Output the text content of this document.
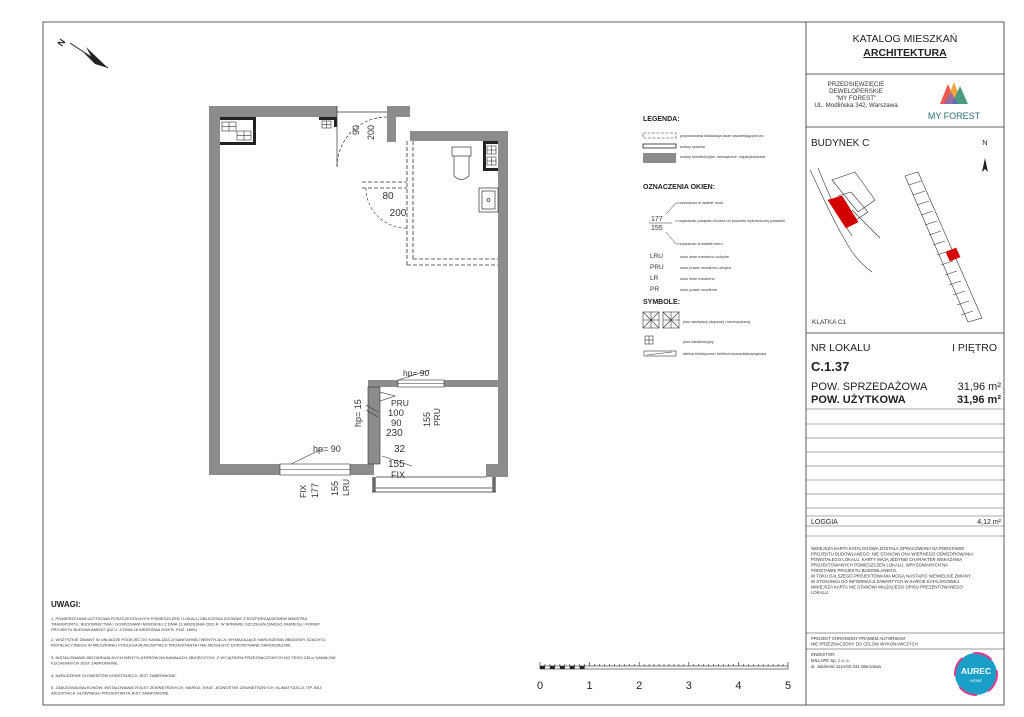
KATALOG MIESZKAŃ
ARCHITEKTURA
PRZEDSIĘWZIĘCIE
DEWELOPERSKIE
"MY FOREST"
UL. Modlińska 342, Warszawa
MY FOREST
BUDYNEK C	N
KLATKA C1
NR LOKALU	I PIĘTRO
C.1.37
POW. SPRZEDAŻOWA	31,96 m²
POW. UŻYTKOWA	31,96 m²
LOGGIA	4,12 m²
NINIEJSZA KARTA KATALOGOWA ZOSTAŁA OPRACOWANA NA PODSTAWIE
PROJEKTU BUDOWLANEGO. NIE STANOWI ONA WIERNEGO ODWZOROWANIA
POWSTAŁEGO LOKALU. KARTY MAJĄ JEDYNIE CHARAKTER WSKAZANIA
PROJEKTOWANYCH POMIESZCZEŃ LOKALU, WRYSOWANYCH NA
PODSTAWIE PROJEKTU BUDOWLANEGO.
W TOKU DALSZEGO PROJEKTOWANIA MOGĄ NASTĄPIĆ NIEWIELKIE ZMIANY
W STOSUNKU DO INFORMACJI ZAWARTYCH W KARCIE KATALOGOWEJ.
NINIEJSZA KARTA NIE STANOWI WIĄŻĄCEGO OPISU PREZENTOWANEGO
LOKALU.
PROJEKT CHRONIONY PRAWEM AUTORSKIM
NIE PRZEZNACZONY DO CELÓW WYKONAWCZYCH
INWESTOR:
MILLAPE Sp. z o. o.
ul. Jubilerski 111A/32-231 Warszawa	AUREC
HOME
N
90 200
80
200
hp= 90
PRU
100
90 155 PRU
hp= 15
230
32
hp= 90
155
FIX
FIX 177 155 LRU
LEGENDA:
proponowana lokalizacja ścian wydzielających wc
ściany szachtu
ściany konstrukcyjne, zewnętrzne, międzylokalowe
OZNACZENIA OKIEN:
177
155
szerokość w świetle muru
wysokość parapetu liczona od poziomu wykończonej posadzki
wysokość w świetle muru
LRU	okno lewe rozwierno-uchylne
PRU	okno prawe rozwierno-uchylne
LR	okno lewe rozwierne
PR	okno prawe rozwierne
SYMBOLE:
pion wentylacji otopowej / mechanicznej
pion kanalizacyjny
tablica elektryczna i teletechniczna/słaboprądowa
UWAGI:
1. POWIERZCHNIA UŻYTKOWA POSZCZEGÓLNYCH POMIESZCZEŃ I LOKALU OBLICZONA ZGODNIE Z ROZPORZĄDZENIEM MINISTRA
TRANSPORTU, BUDOWNICTWA I GOSPODARKI MORSKIEJ Z DNIA 11 WRZEŚNIA 2020 R. W SPRAWIE SZCZEGÓŁOWEGO ZAKRESU I FORMY
PROJEKTU BUDOWLANEGO (DZ.U. Z DNIA 18 WRZEŚNIA 2020 R. POZ. 1609)
2. WSZYSTKIE ZMIANY W UKŁADZIE PODEJŚĆ DO KANALIZACJI SANITARNEJ WENTYLACJI, WYMAGAJĄCE NARUSZENIA OBUDOWY SZACHTU
INSTALACYJNEGO W MIESZKANIU PODLEGAJĄ AKCEPTACJI PROJEKTANTA I NIE MOGĄ BYĆ DOKONYWANE SAMODZIELNIE.
3. INSTALOWANIE INDYWIDUALNYCH WENTYLATORÓW NA KANAŁACH ZBIORCZYCH, Z WYJĄTKIEM PRZEZNACZONYCH DO TEGO CELU KANAŁÓW
KUCHENNYCH JEST ZABRONIONE.
4. NARUSZENIE ELEMENTÓW KONSTRUKCJI JEST ZABRONIONE.
5. ZABUDOWA BALKONÓW, INSTALOWANIE ROLET ZEWNĘTRZNYCH, MARKIZ, KRAT, JEDNOSTEK ZEWNĘTRZNYCH, KLIMATYZACJI, ITP. BEZ
AKCEPTACJI GŁÓWNEGO PROJEKTANTA JEST ZABRONIONE.
0	1	2	3	4	5
